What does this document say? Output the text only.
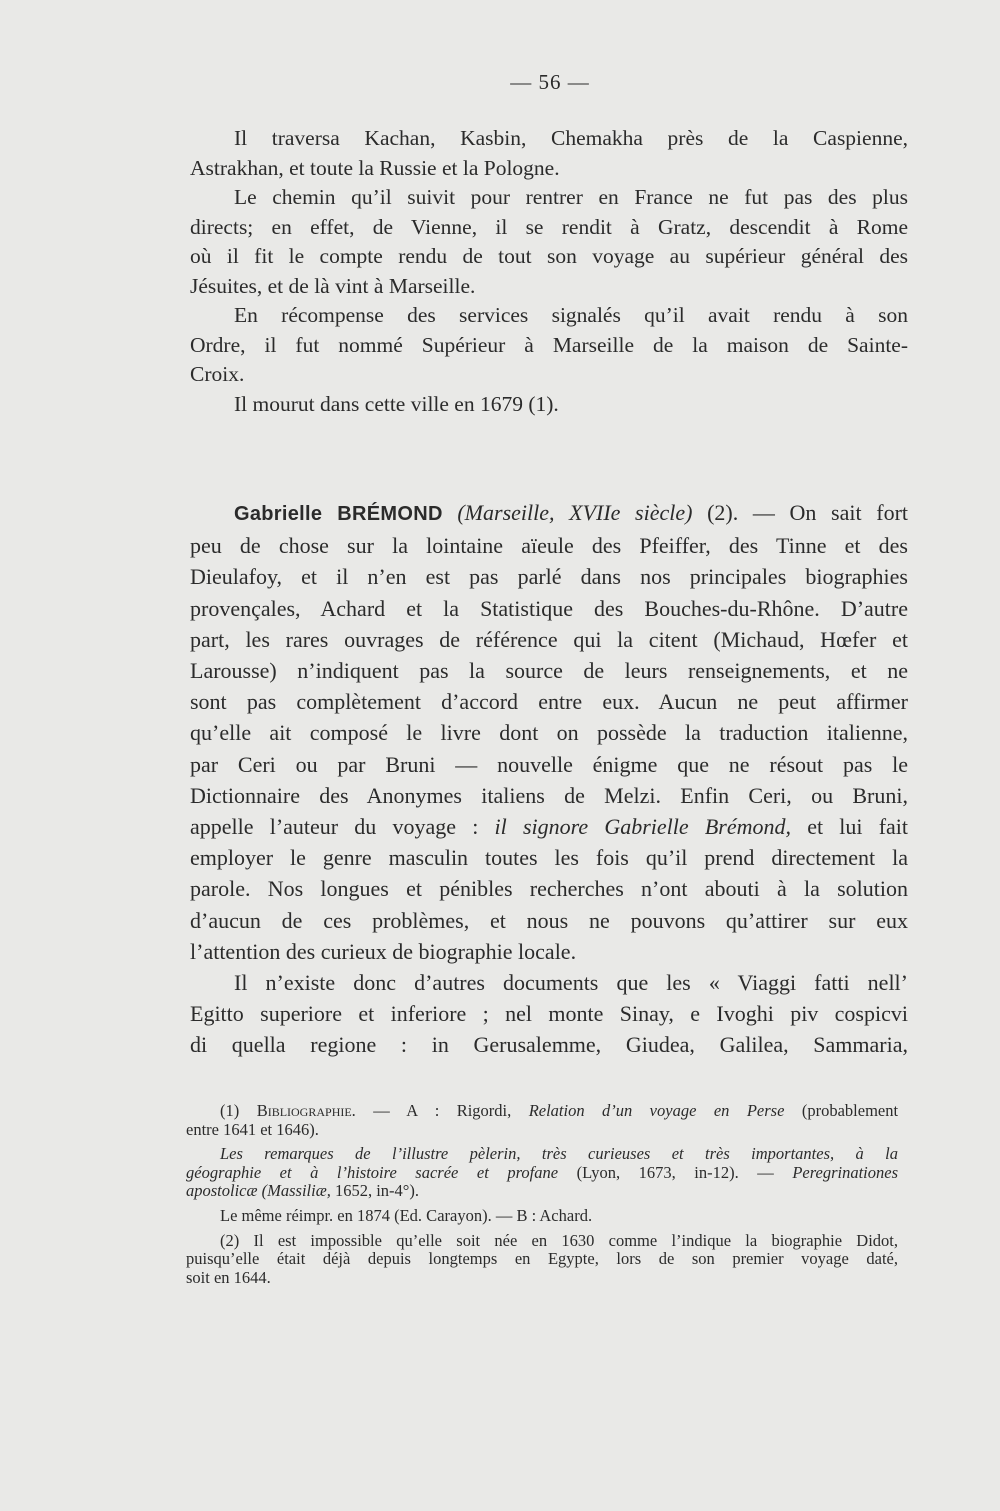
— 56 —
Il traversa Kachan, Kasbin, Chemakha près de la Caspienne,
Astrakhan, et toute la Russie et la Pologne.
Le chemin qu’il suivit pour rentrer en France ne fut pas des plus
directs; en effet, de Vienne, il se rendit à Gratz, descendit à Rome
où il fit le compte rendu de tout son voyage au supérieur général des
Jésuites, et de là vint à Marseille.
En récompense des services signalés qu’il avait rendu à son
Ordre, il fut nommé Supérieur à Marseille de la maison de Sainte-
Croix.
Il mourut dans cette ville en 1679 (1).
Gabrielle BRÉMOND (Marseille, XVIIe siècle) (2). — On sait fort
peu de chose sur la lointaine aïeule des Pfeiffer, des Tinne et des
Dieulafoy, et il n’en est pas parlé dans nos principales biographies
provençales, Achard et la Statistique des Bouches-du-Rhône. D’autre
part, les rares ouvrages de référence qui la citent (Michaud, Hœfer et
Larousse) n’indiquent pas la source de leurs renseignements, et ne
sont pas complètement d’accord entre eux. Aucun ne peut affirmer
qu’elle ait composé le livre dont on possède la traduction italienne,
par Ceri ou par Bruni — nouvelle énigme que ne résout pas le
Dictionnaire des Anonymes italiens de Melzi. Enfin Ceri, ou Bruni,
appelle l’auteur du voyage : il signore Gabrielle Brémond, et lui fait
employer le genre masculin toutes les fois qu’il prend directement la
parole. Nos longues et pénibles recherches n’ont abouti à la solution
d’aucun de ces problèmes, et nous ne pouvons qu’attirer sur eux
l’attention des curieux de biographie locale.
Il n’existe donc d’autres documents que les « Viaggi fatti nell’
Egitto superiore et inferiore ; nel monte Sinay, e Ivoghi piv cospicvi
di quella regione : in Gerusalemme, Giudea, Galilea, Sammaria,
(1) Bibliographie. — A : Rigordi, Relation d’un voyage en Perse (probablement
entre 1641 et 1646).
Les remarques de l’illustre pèlerin, très curieuses et très importantes, à la
géographie et à l’histoire sacrée et profane (Lyon, 1673, in-12). — Peregrinationes
apostolicæ (Massiliæ, 1652, in-4°).
Le même réimpr. en 1874 (Ed. Carayon). — B : Achard.
(2) Il est impossible qu’elle soit née en 1630 comme l’indique la biographie Didot,
puisqu’elle était déjà depuis longtemps en Egypte, lors de son premier voyage daté,
soit en 1644.
